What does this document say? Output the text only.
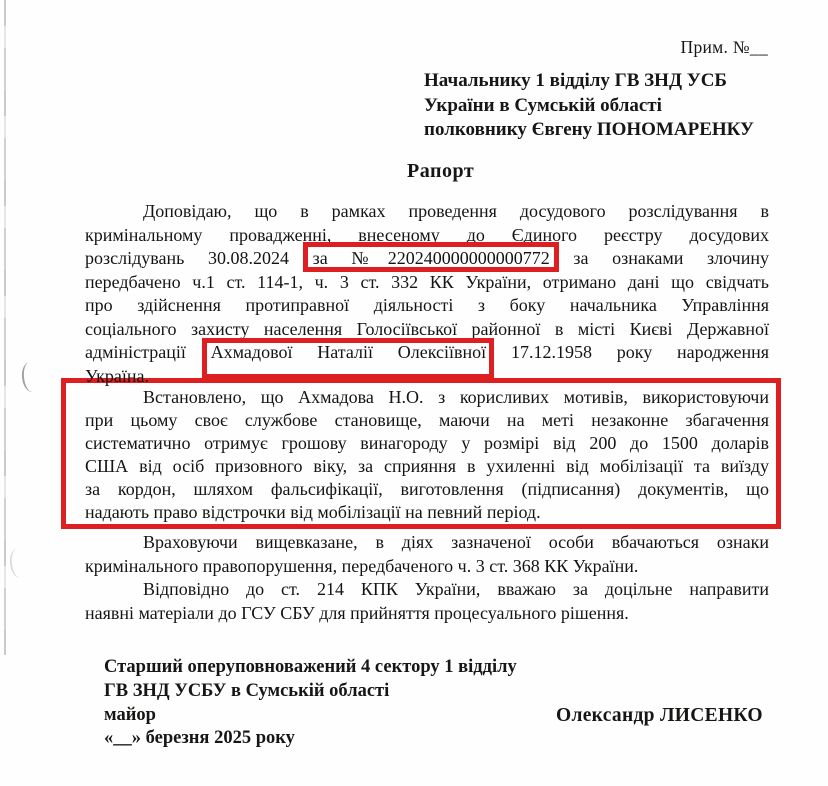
Прим. №__
Начальнику 1 відділу ГВ ЗНД УСБ
України в Сумській області
полковнику Євгену ПОНОМАРЕНКУ
Рапорт
Доповідаю, що в рамках проведення досудового розслідування в
кримінальному провадженні, внесеному до Єдиного реєстру досудових
розслідувань 30.08.2024 за №220240000000000772 за ознаками злочину
передбачено ч.1 ст. 114-1, ч. 3 ст. 332 КК України, отримано дані що свідчать
про здійснення протиправної діяльності з боку начальника Управління
соціального захисту населення Голосіївської районної в місті Києві Державної
адміністрації Ахмадової Наталії Олексіївної 17.12.1958 року народження
Україна.
Встановлено, що Ахмадова Н.О. з корисливих мотивів, використовуючи
при цьому своє службове становище, маючи на меті незаконне збагачення
систематично отримує грошову винагороду у розмірі від 200 до 1500 доларів
США від осіб призовного віку, за сприяння в ухиленні від мобілізації та виїзду
за кордон, шляхом фальсифікації, виготовлення (підписання) документів, що
надають право відстрочки від мобілізації на певний період.
Враховуючи вищевказане, в діях зазначеної особи вбачаються ознаки
кримінального правопорушення, передбаченого ч. 3 ст. 368 КК України.
Відповідно до ст. 214 КПК України, вважаю за доцільне направити
наявні матеріали до ГСУ СБУ для прийняття процесуального рішення.
Старший оперуповноважений 4 сектору 1 відділу
ГВ ЗНД УСБУ в Сумській області
майор
«__» березня 2025 року
Олександр ЛИСЕНКО
